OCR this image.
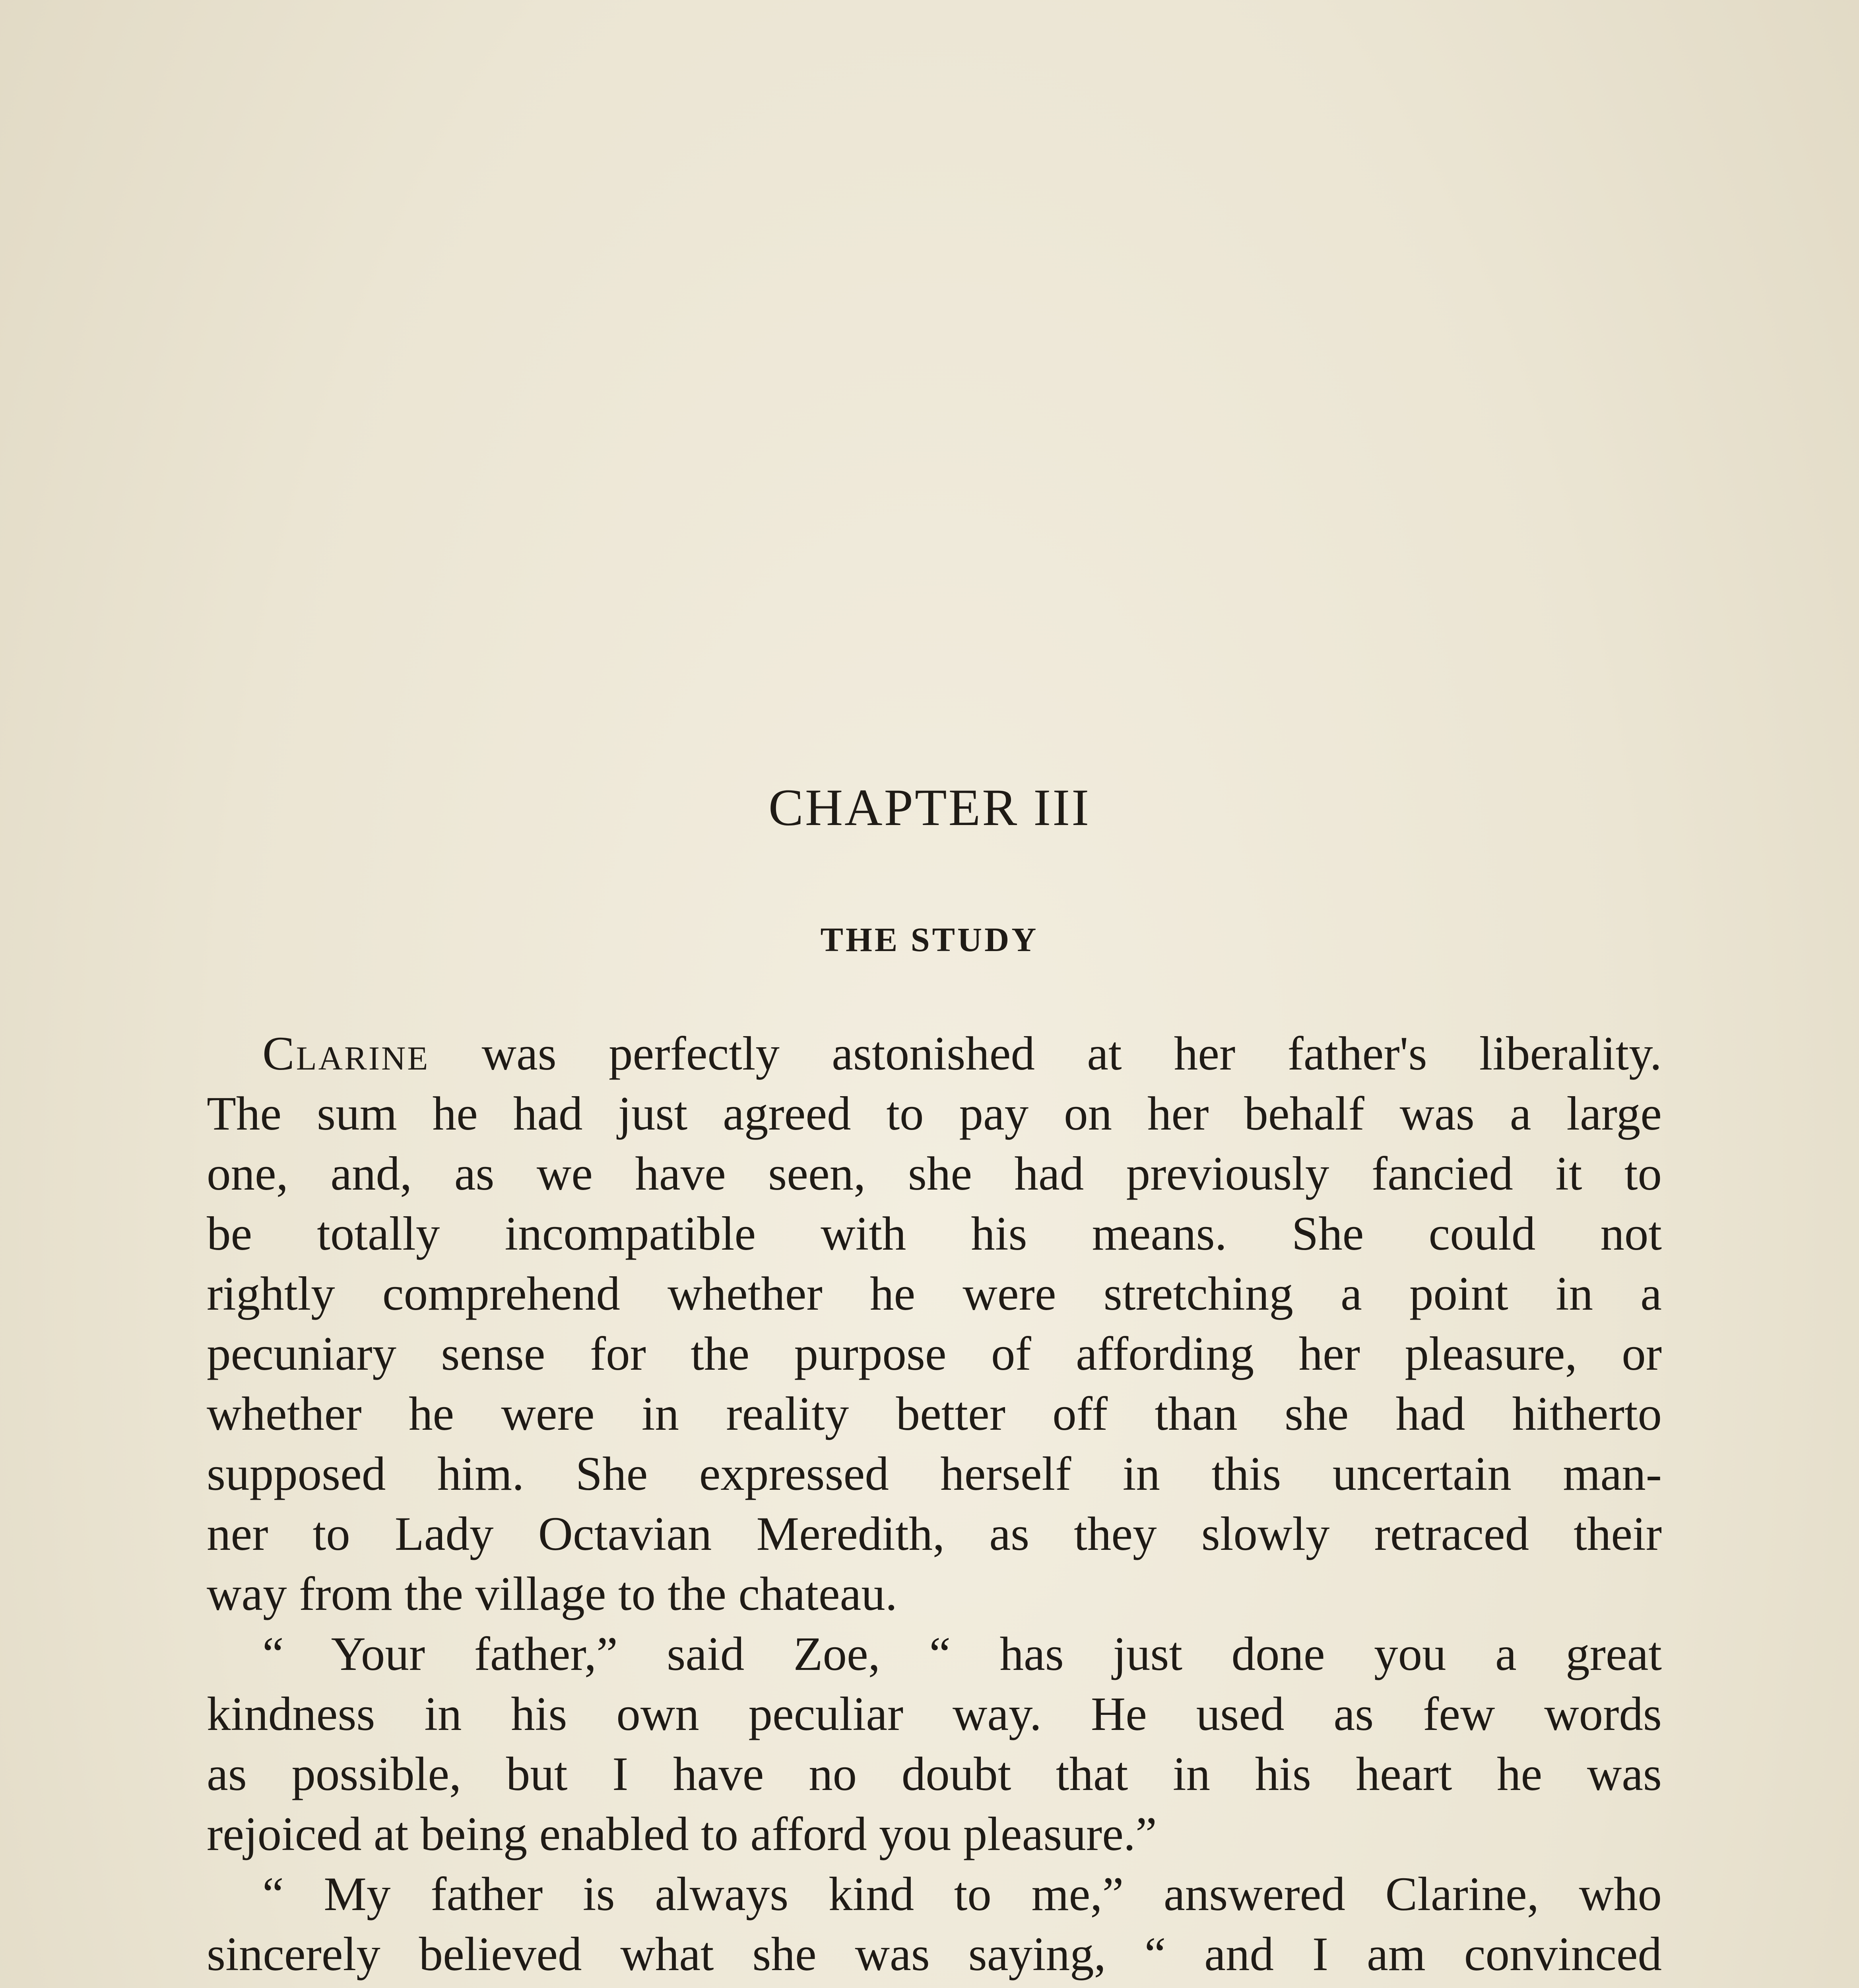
CHAPTER III
THE STUDY
Clarine was perfectly astonished at her father's liberality.
The sum he had just agreed to pay on her behalf was a large
one, and, as we have seen, she had previously fancied it to
be totally incompatible with his means. She could not
rightly comprehend whether he were stretching a point in a
pecuniary sense for the purpose of affording her pleasure, or
whether he were in reality better off than she had hitherto
supposed him. She expressed herself in this uncertain man-
ner to Lady Octavian Meredith, as they slowly retraced their
way from the village to the chateau.
“ Your father,” said Zoe, “ has just done you a great
kindness in his own peculiar way. He used as few words
as possible, but I have no doubt that in his heart he was
rejoiced at being enabled to afford you pleasure.”
“ My father is always kind to me,” answered Clarine, who
sincerely believed what she was saying, “ and I am convinced
